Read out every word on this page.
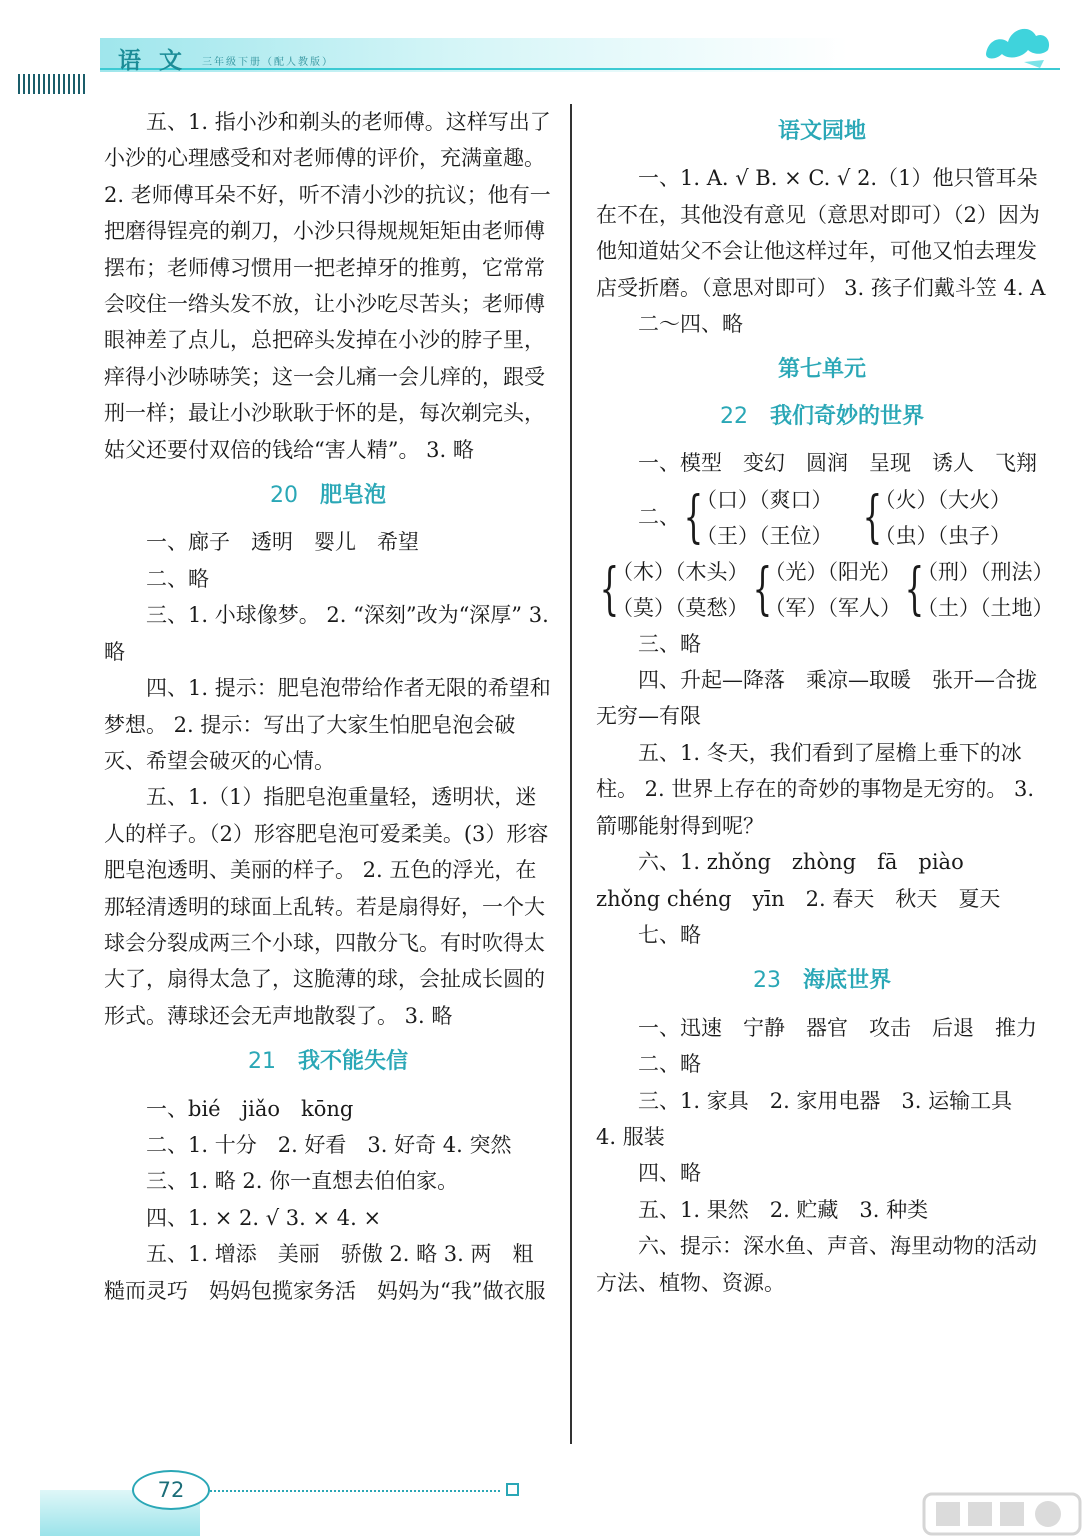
语文 三年级下册（配人教版）

五、1. 指小沙和剃头的老师傅。这样写出了小沙的心理感受和对老师傅的评价，充满童趣。 2. 老师傅耳朵不好，听不清小沙的抗议；他有一把磨得锃亮的剃刀，小沙只得规规矩矩由老师傅摆布；老师傅习惯用一把老掉牙的推剪，它常常会咬住一绺头发不放，让小沙吃尽苦头；老师傅眼神差了点儿，总把碎头发掉在小沙的脖子里，痒得小沙哧哧笑；这一会儿痛一会儿痒的，跟受刑一样；最让小沙耿耿于怀的是，每次剃完头，姑父还要付双倍的钱给“害人精”。 3. 略

20 肥皂泡

一、廊子　透明　婴儿　希望

二、略

三、1. 小球像梦。 2. “深刻”改为“深厚” 3. 略

四、1. 提示：肥皂泡带给作者无限的希望和梦想。 2. 提示：写出了大家生怕肥皂泡会破灭、希望会破灭的心情。

五、1.（1）指肥皂泡重量轻，透明状，迷人的样子。（2）形容肥皂泡可爱柔美。(3）形容肥皂泡透明、美丽的样子。 2. 五色的浮光，在那轻清透明的球面上乱转。若是扇得好，一个大球会分裂成两三个小球，四散分飞。有时吹得太大了，扇得太急了，这脆薄的球，会扯成长圆的形式。薄球还会无声地散裂了。 3. 略

21 我不能失信

一、bié　jiǎo　kōng

二、1. 十分　2. 好看　3. 好奇 4. 突然

三、1. 略 2. 你一直想去伯伯家。

四、1. × 2. √ 3. × 4. ×

五、1. 增添　美丽　骄傲 2. 略 3. 两　粗糙而灵巧　妈妈包揽家务活　妈妈为“我”做衣服

语文园地

一、1. A. √ B. × C. √ 2.（1）他只管耳朵在不在，其他没有意见（意思对即可）（2）因为他知道姑父不会让他这样过年，可他又怕去理发店受折磨。（意思对即可） 3. 孩子们戴斗笠 4. A

二～四、略

第七单元
22 我们奇妙的世界

一、模型　变幻　圆润　呈现　诱人　飞翔

二、 {
（口）（爽口）
（王）（王位） {
（火）（大火）
（虫）（虫子）
{
（木）（木头）
（莫）（莫愁） {
（光）（阳光）
（军）（军人） {
（刑）（刑法）
（土）（土地）

三、略

四、升起—降落　乘凉—取暖　张开—合拢　无穷—有限

五、1. 冬天，我们看到了屋檐上垂下的冰柱。 2. 世界上存在的奇妙的事物是无穷的。 3. 箭哪能射得到呢？

六、1. zhǒng　zhòng　fā　piào　zhǒng chéng　yīn　2. 春天　秋天　夏天

七、略

23 海底世界

一、迅速　宁静　器官　攻击　后退　推力

二、略

三、1. 家具　2. 家用电器　3. 运输工具　4. 服装

四、略

五、1. 果然　2. 贮藏　3. 种类

六、提示：深水鱼、声音、海里动物的活动方法、植物、资源。

72
